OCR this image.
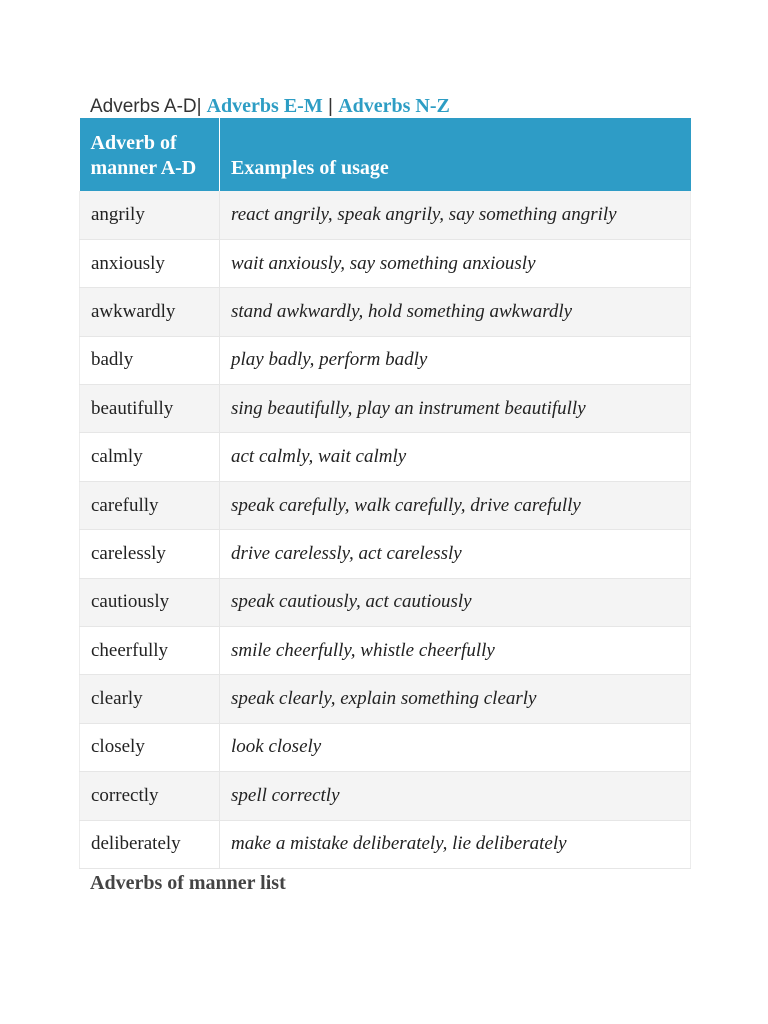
Adverbs A-D| Adverbs E-M | Adverbs N-Z
Adverb of manner A-D	Examples of usage
angrily	react angrily, speak angrily, say something angrily
anxiously	wait anxiously, say something anxiously
awkwardly	stand awkwardly, hold something awkwardly
badly	play badly, perform badly
beautifully	sing beautifully, play an instrument beautifully
calmly	act calmly, wait calmly
carefully	speak carefully, walk carefully, drive carefully
carelessly	drive carelessly, act carelessly
cautiously	speak cautiously, act cautiously
cheerfully	smile cheerfully, whistle cheerfully
clearly	speak clearly, explain something clearly
closely	look closely
correctly	spell correctly
deliberately	make a mistake deliberately, lie deliberately
Adverbs of manner list
